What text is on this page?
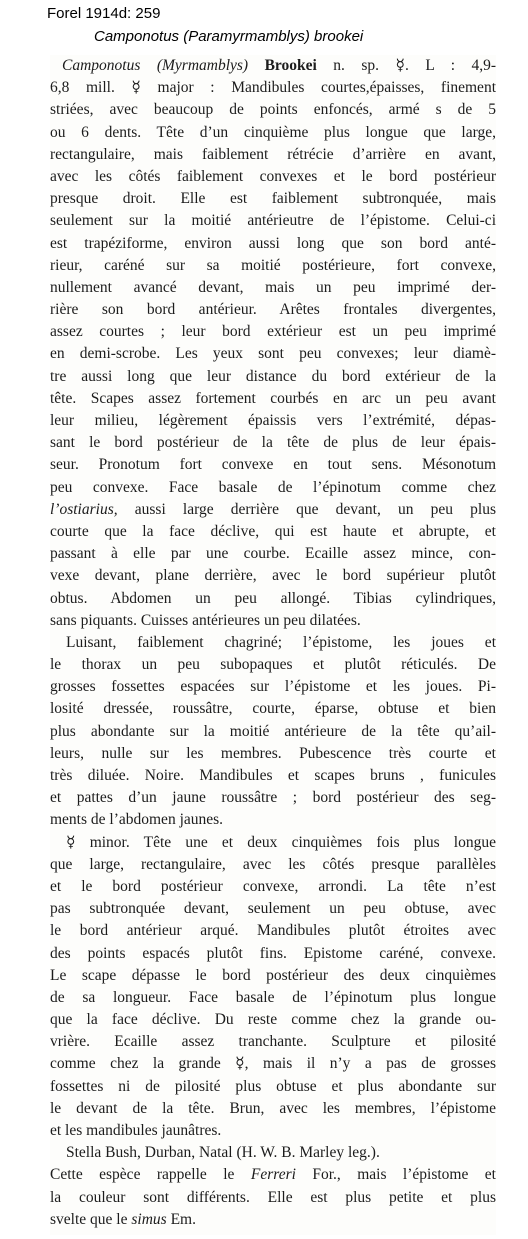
Forel 1914d: 259
Camponotus (Paramyrmamblys) brookei
Camponotus (Myrmamblys) Brookei n. sp. ☿. L : 4,9-
6,8 mill. ☿ major : Mandibules courtes,épaisses, finement
striées, avec beaucoup de points enfoncés, armé s de 5
ou 6 dents. Tête d’un cinquième plus longue que large,
rectangulaire, mais faiblement rétrécie d’arrière en avant,
avec les côtés faiblement convexes et le bord postérieur
presque droit. Elle est faiblement subtronquée, mais
seulement sur la moitié antérieutre de l’épistome. Celui-ci
est trapéziforme, environ aussi long que son bord anté-
rieur, caréné sur sa moitié postérieure, fort convexe,
nullement avancé devant, mais un peu imprimé der-
rière son bord antérieur. Arêtes frontales divergentes,
assez courtes ; leur bord extérieur est un peu imprimé
en demi-scrobe. Les yeux sont peu convexes; leur diamè-
tre aussi long que leur distance du bord extérieur de la
tête. Scapes assez fortement courbés en arc un peu avant
leur milieu, légèrement épaissis vers l’extrémité, dépas-
sant le bord postérieur de la tête de plus de leur épais-
seur. Pronotum fort convexe en tout sens. Mésonotum
peu convexe. Face basale de l’épinotum comme chez
l’ostiarius, aussi large derrière que devant, un peu plus
courte que la face déclive, qui est haute et abrupte, et
passant à elle par une courbe. Ecaille assez mince, con-
vexe devant, plane derrière, avec le bord supérieur plutôt
obtus. Abdomen un peu allongé. Tibias cylindriques,
sans piquants. Cuisses antérieures un peu dilatées.
Luisant, faiblement chagriné; l’épistome, les joues et
le thorax un peu subopaques et plutôt réticulés. De
grosses fossettes espacées sur l’épistome et les joues. Pi-
losité dressée, roussâtre, courte, éparse, obtuse et bien
plus abondante sur la moitié antérieure de la tête qu’ail-
leurs, nulle sur les membres. Pubescence très courte et
très diluée. Noire. Mandibules et scapes bruns , funicules
et pattes d’un jaune roussâtre ; bord postérieur des seg-
ments de l’abdomen jaunes.
☿ minor. Tête une et deux cinquièmes fois plus longue
que large, rectangulaire, avec les côtés presque parallèles
et le bord postérieur convexe, arrondi. La tête n’est
pas subtronquée devant, seulement un peu obtuse, avec
le bord antérieur arqué. Mandibules plutôt étroites avec
des points espacés plutôt fins. Epistome caréné, convexe.
Le scape dépasse le bord postérieur des deux cinquièmes
de sa longueur. Face basale de l’épinotum plus longue
que la face déclive. Du reste comme chez la grande ou-
vrière. Ecaille assez tranchante. Sculpture et pilosité
comme chez la grande ☿, mais il n’y a pas de grosses
fossettes ni de pilosité plus obtuse et plus abondante sur
le devant de la tête. Brun, avec les membres, l’épistome
et les mandibules jaunâtres.
Stella Bush, Durban, Natal (H. W. B. Marley leg.).
Cette espèce rappelle le Ferreri For., mais l’épistome et
la couleur sont différents. Elle est plus petite et plus
svelte que le simus Em.
